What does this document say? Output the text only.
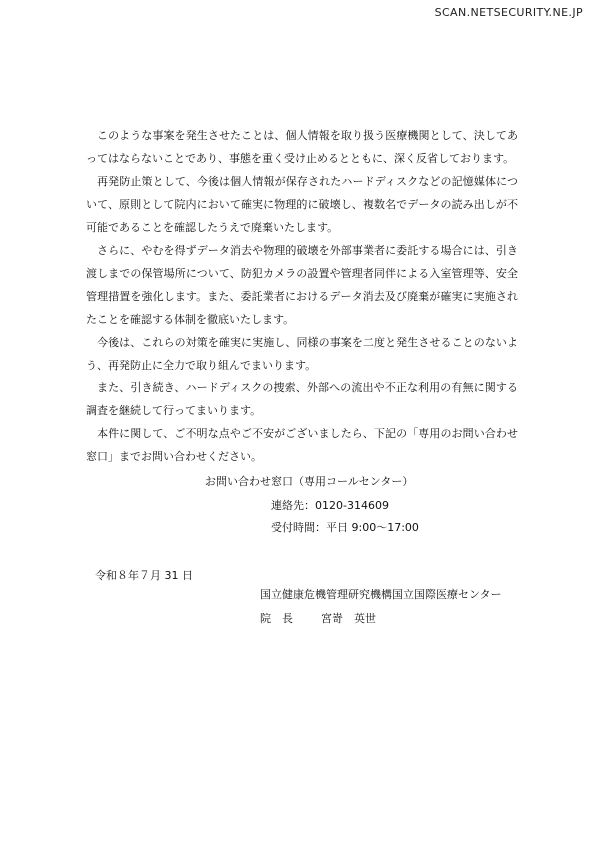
SCAN.NETSECURITY.NE.JP

このような事案を発生させたことは、個人情報を取り扱う医療機関として、決してあってはならないことであり、事態を重く受け止めるとともに、深く反省しております。

再発防止策として、今後は個人情報が保存されたハードディスクなどの記憶媒体について、原則として院内において確実に物理的に破壊し、複数名でデータの読み出しが不可能であることを確認したうえで廃棄いたします。

さらに、やむを得ずデータ消去や物理的破壊を外部事業者に委託する場合には、引き渡しまでの保管場所について、防犯カメラの設置や管理者同伴による入室管理等、安全管理措置を強化します。また、委託業者におけるデータ消去及び廃棄が確実に実施されたことを確認する体制を徹底いたします。

今後は、これらの対策を確実に実施し、同様の事案を二度と発生させることのないよう、再発防止に全力で取り組んでまいります。

また、引き続き、ハードディスクの捜索、外部への流出や不正な利用の有無に関する調査を継続して行ってまいります。

本件に関して、ご不明な点やご不安がございましたら、下記の「専用のお問い合わせ窓口」までお問い合わせください。

お問い合わせ窓口（専用コールセンター）
連絡先：0120-314609
受付時間：平日 9:00～17:00
令和８年７月 31 日
国立健康危機管理研究機構国立国際医療センター
院　長	宮嵜　英世
